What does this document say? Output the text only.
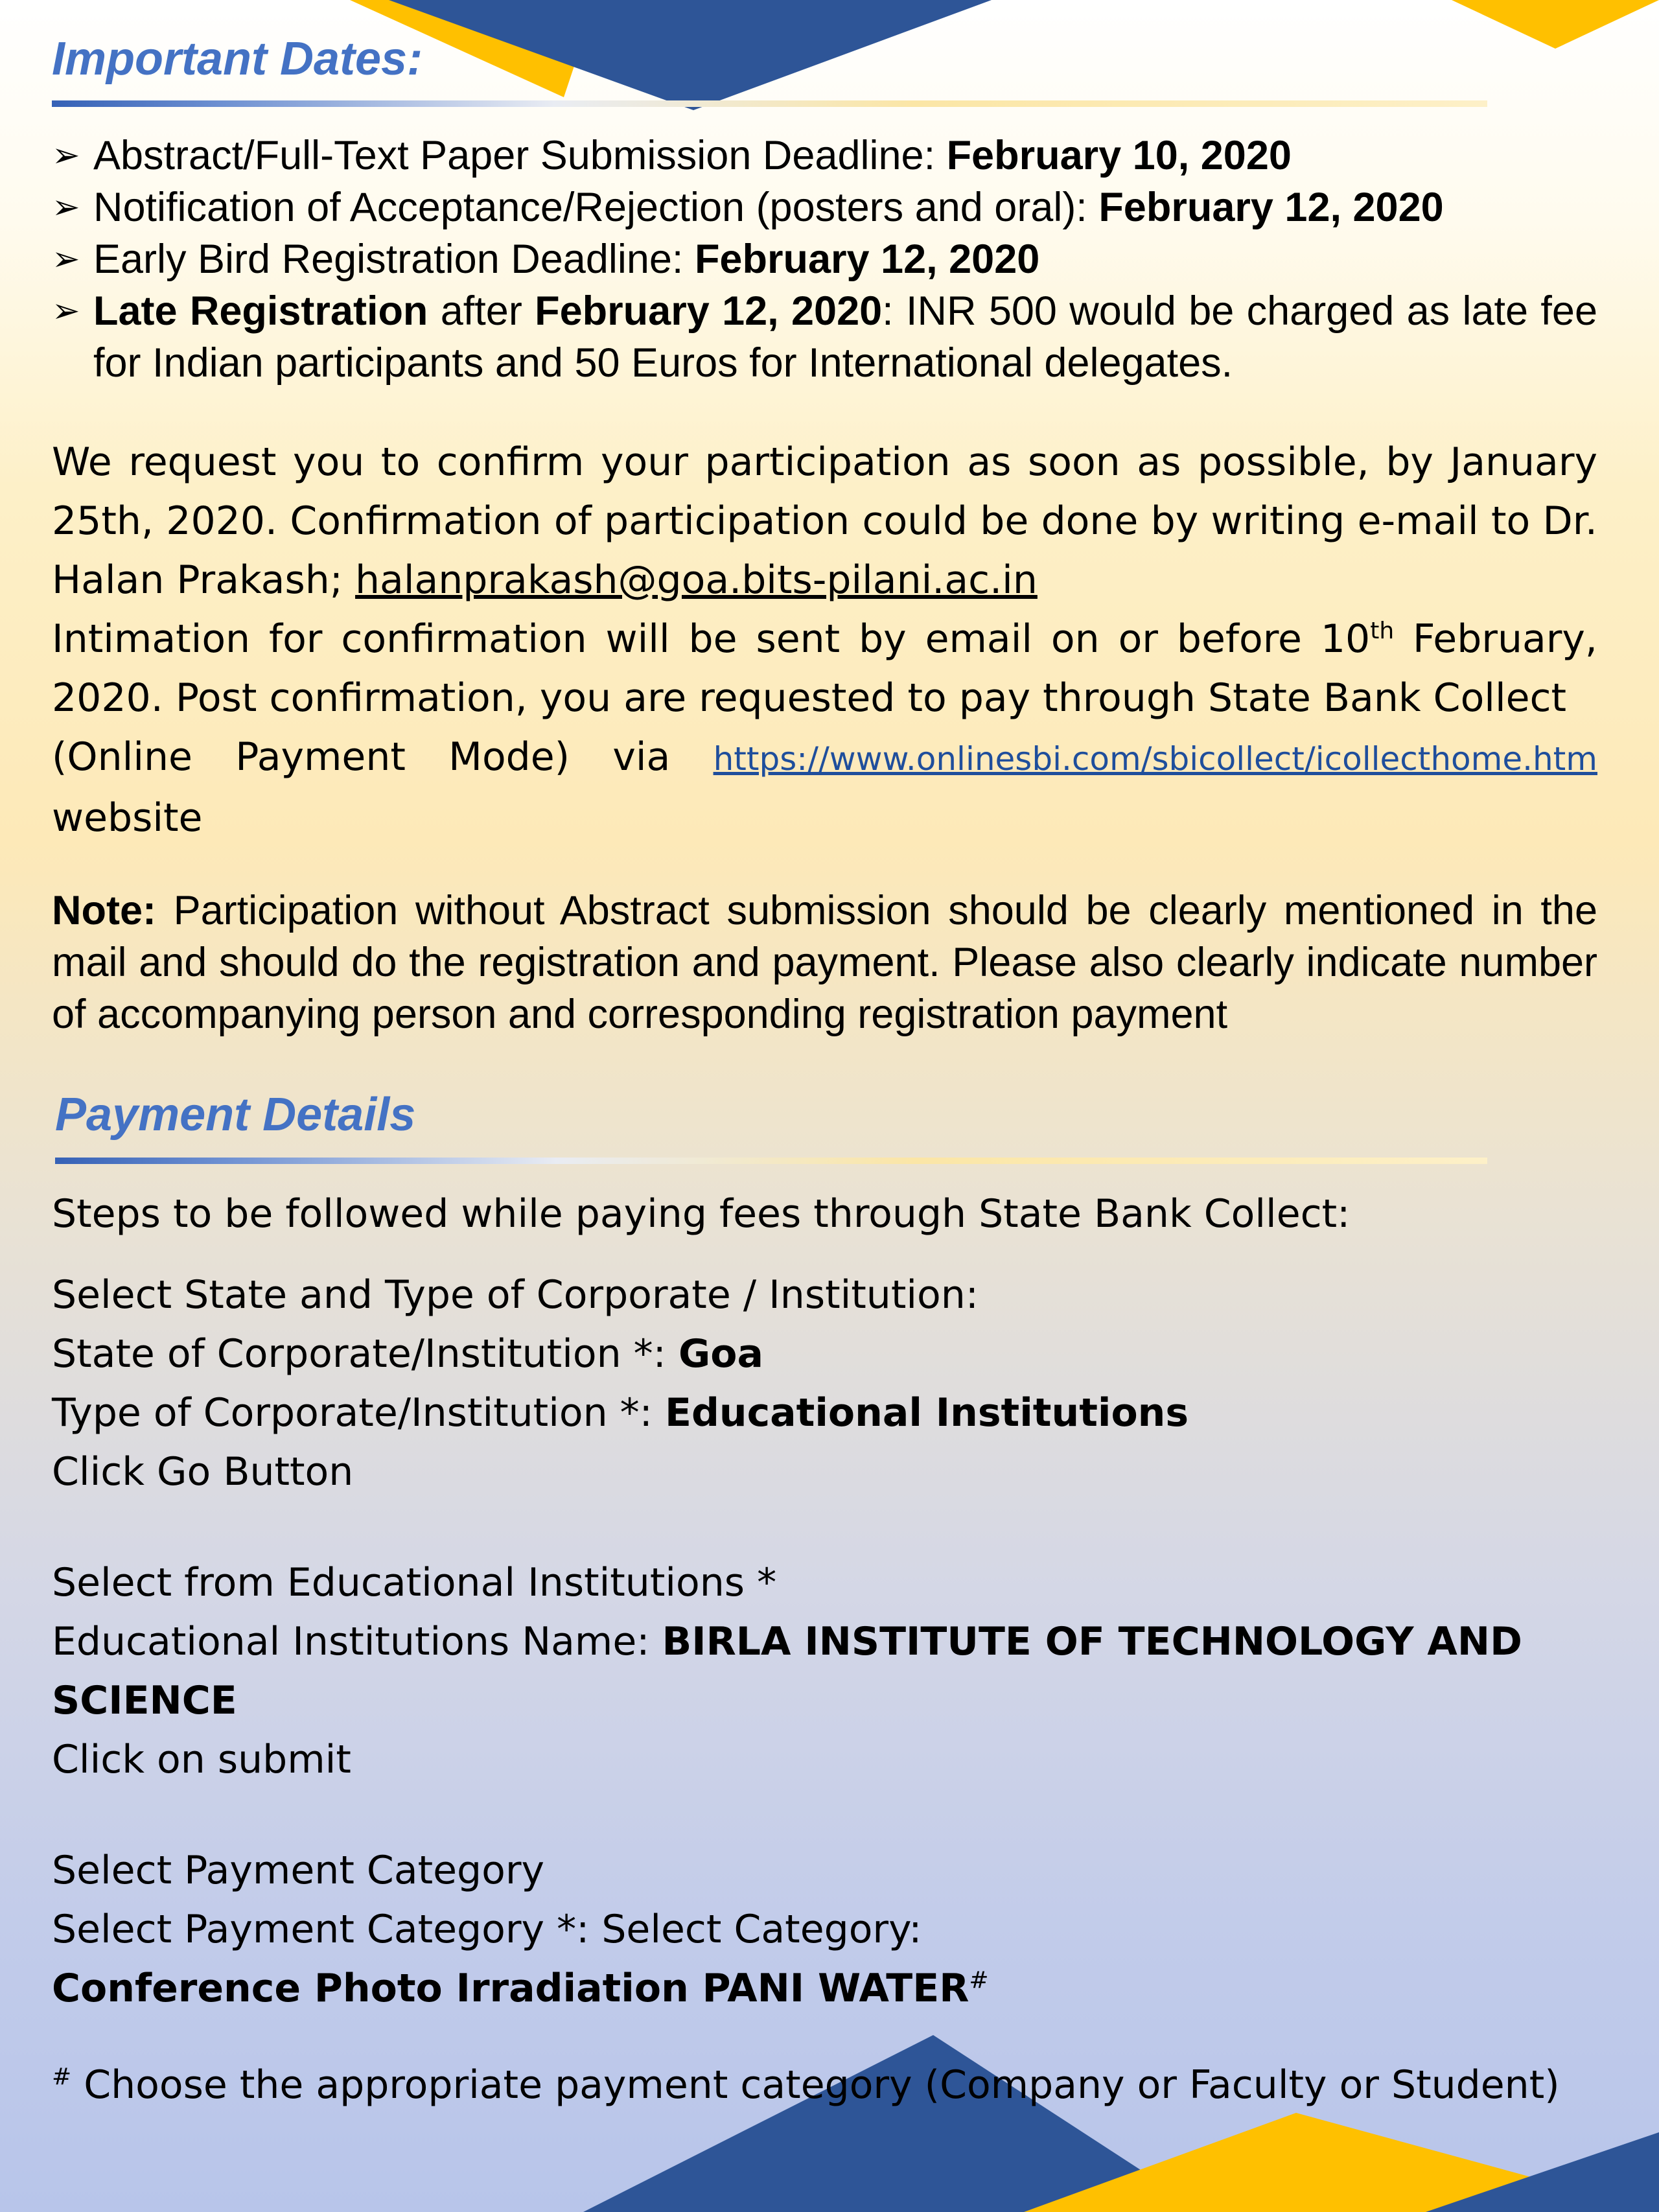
Important Dates:
➢ Abstract/Full-Text Paper Submission Deadline: February 10, 2020
➢ Notification of Acceptance/Rejection (posters and oral): February 12, 2020
➢ Early Bird Registration Deadline: February 12, 2020
➢ Late Registration after February 12, 2020: INR 500 would be charged as late fee for Indian participants and 50 Euros for International delegates.

We request you to confirm your participation as soon as possible, by January 25th, 2020. Confirmation of participation could be done by writing e-mail to Dr. Halan Prakash; halanprakash@goa.bits-pilani.ac.in

Intimation for confirmation will be sent by email on or before 10th February, 2020. Post confirmation, you are requested to pay through State Bank Collect

(Online Payment Mode) via https://www.onlinesbi.com/sbicollect/icollecthome.htm

website

Note: Participation without Abstract submission should be clearly mentioned in the mail and should do the registration and payment. Please also clearly indicate number of accompanying person and corresponding registration payment
Payment Details

Steps to be followed while paying fees through State Bank Collect:

Select State and Type of Corporate / Institution:

State of Corporate/Institution *: Goa

Type of Corporate/Institution *: Educational Institutions

Click Go Button

Select from Educational Institutions *

Educational Institutions Name: BIRLA INSTITUTE OF TECHNOLOGY AND SCIENCE

Click on submit

Select Payment Category

Select Payment Category *: Select Category:

Conference Photo Irradiation PANI WATER#

# Choose the appropriate payment category (Company or Faculty or Student)
